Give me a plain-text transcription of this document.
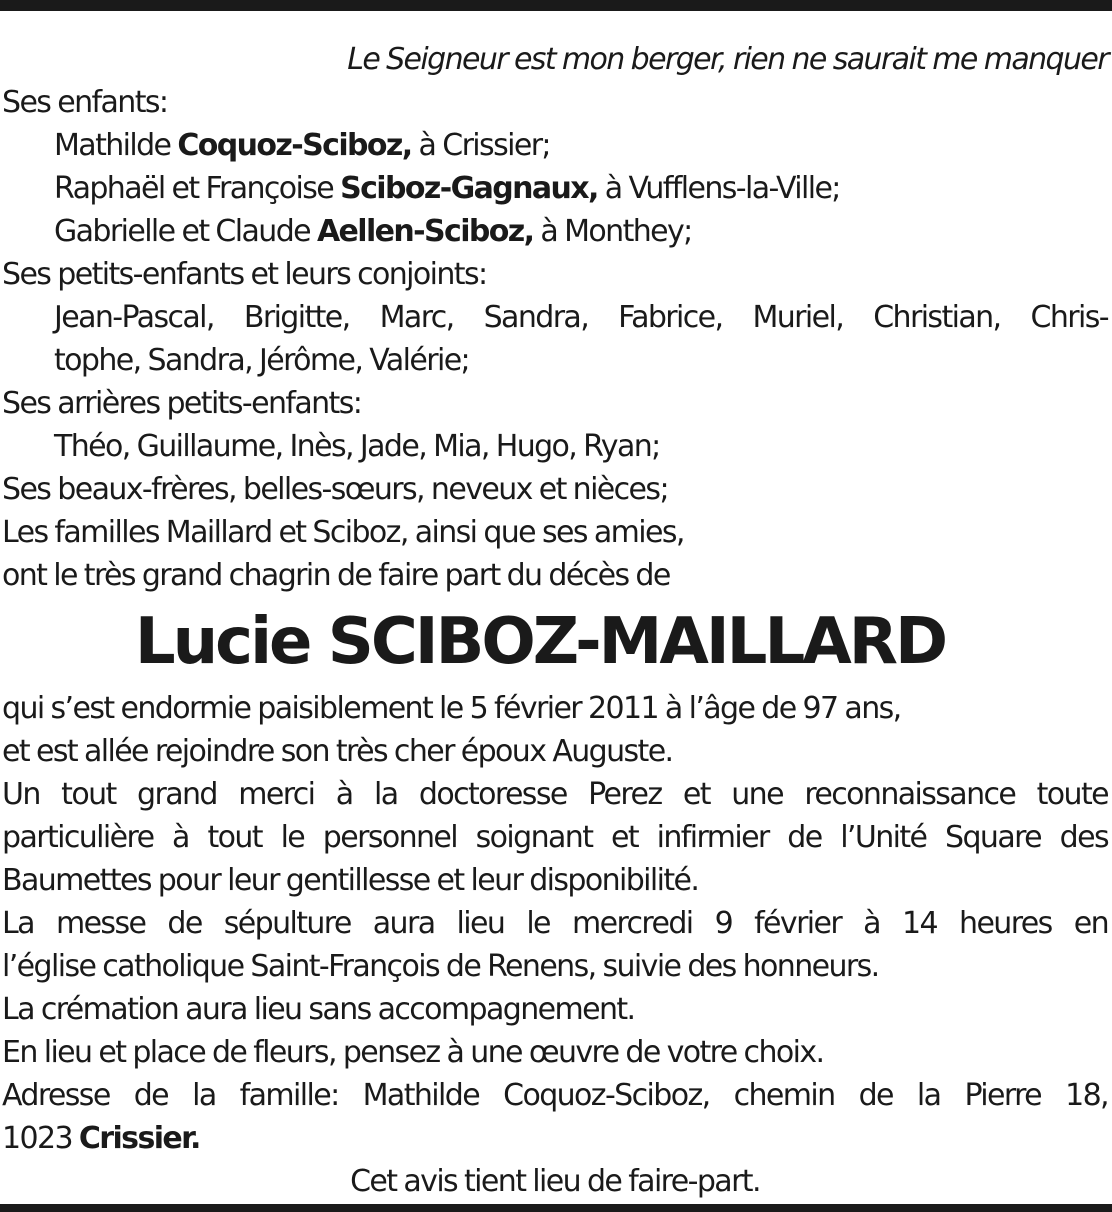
Le Seigneur est mon berger, rien ne saurait me manquer
Ses enfants:
Mathilde Coquoz-Sciboz, à Crissier;
Raphaël et Françoise Sciboz-Gagnaux, à Vufflens-la-Ville;
Gabrielle et Claude Aellen-Sciboz, à Monthey;
Ses petits-enfants et leurs conjoints:
Jean-Pascal, Brigitte, Marc, Sandra, Fabrice, Muriel, Christian, Chris-
tophe, Sandra, Jérôme, Valérie;
Ses arrières petits-enfants:
Théo, Guillaume, Inès, Jade, Mia, Hugo, Ryan;
Ses beaux-frères, belles-sœurs, neveux et nièces;
Les familles Maillard et Sciboz, ainsi que ses amies,
ont le très grand chagrin de faire part du décès de
Lucie SCIBOZ-MAILLARD
qui s’est endormie paisiblement le 5 février 2011 à l’âge de 97 ans,
et est allée rejoindre son très cher époux Auguste.
Un tout grand merci à la doctoresse Perez et une reconnaissance toute
particulière à tout le personnel soignant et infirmier de l’Unité Square des
Baumettes pour leur gentillesse et leur disponibilité.
La messe de sépulture aura lieu le mercredi 9 février à 14 heures en
l’église catholique Saint-François de Renens, suivie des honneurs.
La crémation aura lieu sans accompagnement.
En lieu et place de fleurs, pensez à une œuvre de votre choix.
Adresse de la famille: Mathilde Coquoz-Sciboz, chemin de la Pierre 18,
1023 Crissier.
Cet avis tient lieu de faire-part.
